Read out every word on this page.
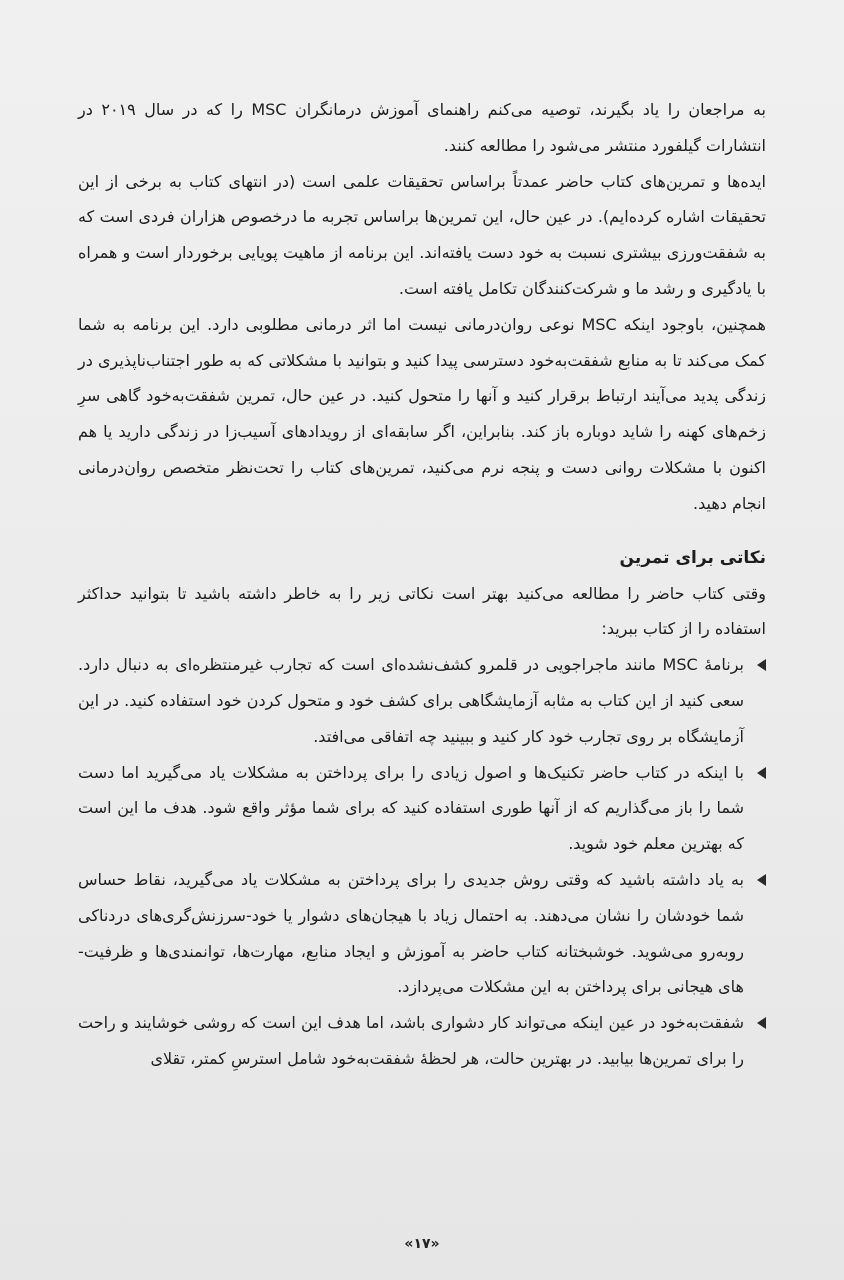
به مراجعان را یاد بگیرند، توصیه می‌کنم راهنمای آموزش درمانگران MSC را که در سال ۲۰۱۹ در انتشارات گیلفورد منتشر می‌شود را مطالعه کنند.

ایده‌ها و تمرین‌های کتاب حاضر عمدتاً براساس تحقیقات علمی است (در انتهای کتاب به برخی از این تحقیقات اشاره کرده‌ایم). در عین حال، این تمرین‌ها براساس تجربه ما درخصوص هزاران فردی است که به شفقت‌ورزی بیشتری نسبت به خود دست یافته‌اند. این برنامه از ماهیت پویایی برخوردار است و همراه با یادگیری و رشد ما و شرکت‌کنندگان تکامل یافته است.

همچنین، باوجود اینکه MSC نوعی روان‌درمانی نیست اما اثر درمانی مطلوبی دارد. این برنامه به شما کمک می‌کند تا به منابع شفقت‌به‌خود دسترسی پیدا کنید و بتوانید با مشکلاتی که به طور اجتناب‌ناپذیری در زندگی پدید می‌آیند ارتباط برقرار کنید و آنها را متحول کنید. در عین حال، تمرین شفقت‌به‌خود گاهی سرِ زخم‌های کهنه را شاید دوباره باز کند. بنابراین، اگر سابقه‌ای از رویدادهای آسیب‌زا در زندگی دارید یا هم اکنون با مشکلات روانی دست و پنجه نرم می‌کنید، تمرین‌های کتاب را تحت‌نظر متخصص روان‌درمانی انجام دهید.

نکاتی برای تمرین

وقتی کتاب حاضر را مطالعه می‌کنید بهتر است نکاتی زیر را به خاطر داشته باشید تا بتوانید حداکثر استفاده را از کتاب ببرید:

برنامهٔ MSC مانند ماجراجویی در قلمرو کشف‌نشده‌ای است که تجارب غیرمنتظره‌ای به دنبال دارد. سعی کنید از این کتاب به مثابه آزمایشگاهی برای کشف خود و متحول کردن خود استفاده کنید. در این آزمایشگاه بر روی تجارب خود کار کنید و ببینید چه اتفاقی می‌افتد.
با اینکه در کتاب حاضر تکنیک‌ها و اصول زیادی را برای پرداختن به مشکلات یاد می‌گیرید اما دست شما را باز می‌گذاریم که از آنها طوری استفاده کنید که برای شما مؤثر واقع شود. هدف ما این است که بهترین معلم خود شوید.
به یاد داشته باشید که وقتی روش جدیدی را برای پرداختن به مشکلات یاد می‌گیرید، نقاط حساس شما خودشان را نشان می‌دهند. به احتمال زیاد با هیجان‌های دشوار یا خود-سرزنش‌گری‌های دردناکی روبه‌رو می‌شوید. خوشبختانه کتاب حاضر به آموزش و ایجاد منابع، مهارت‌ها، توانمندی‌ها و ظرفیت-های هیجانی برای پرداختن به این مشکلات می‌پردازد.
شفقت‌به‌خود در عین اینکه می‌تواند کار دشواری باشد، اما هدف این است که روشی خوشایند و راحت را برای تمرین‌ها بیابید. در بهترین حالت، هر لحظهٔ شفقت‌به‌خود شامل استرسِ کمتر، تقلای
«۱۷»
